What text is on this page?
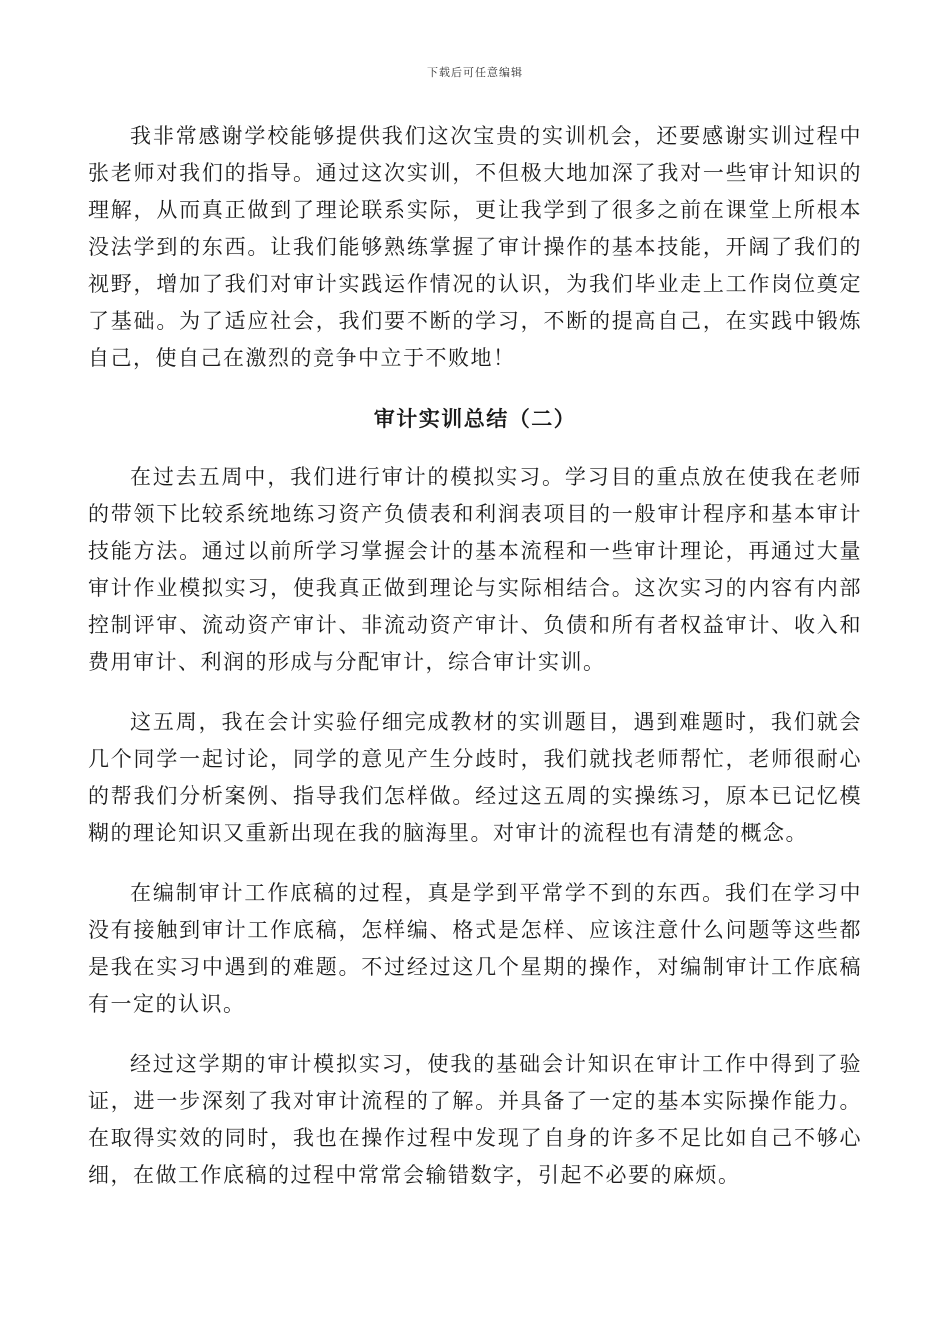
下载后可任意编辑

我非常感谢学校能够提供我们这次宝贵的实训机会，还要感谢实训过程中张老师对我们的指导。通过这次实训，不但极大地加深了我对一些审计知识的理解，从而真正做到了理论联系实际，更让我学到了很多之前在课堂上所根本没法学到的东西。让我们能够熟练掌握了审计操作的基本技能，开阔了我们的视野，增加了我们对审计实践运作情况的认识，为我们毕业走上工作岗位奠定了基础。为了适应社会，我们要不断的学习，不断的提高自己，在实践中锻炼自己，使自己在激烈的竞争中立于不败地！

审计实训总结（二）

在过去五周中，我们进行审计的模拟实习。学习目的重点放在使我在老师的带领下比较系统地练习资产负债表和利润表项目的一般审计程序和基本审计技能方法。通过以前所学习掌握会计的基本流程和一些审计理论，再通过大量审计作业模拟实习，使我真正做到理论与实际相结合。这次实习的内容有内部控制评审、流动资产审计、非流动资产审计、负债和所有者权益审计、收入和费用审计、利润的形成与分配审计，综合审计实训。

这五周，我在会计实验仔细完成教材的实训题目，遇到难题时，我们就会几个同学一起讨论，同学的意见产生分歧时，我们就找老师帮忙，老师很耐心的帮我们分析案例、指导我们怎样做。经过这五周的实操练习，原本已记忆模糊的理论知识又重新出现在我的脑海里。对审计的流程也有清楚的概念。

在编制审计工作底稿的过程，真是学到平常学不到的东西。我们在学习中没有接触到审计工作底稿，怎样编、格式是怎样、应该注意什么问题等这些都是我在实习中遇到的难题。不过经过这几个星期的操作，对编制审计工作底稿有一定的认识。

经过这学期的审计模拟实习，使我的基础会计知识在审计工作中得到了验证，进一步深刻了我对审计流程的了解。并具备了一定的基本实际操作能力。在取得实效的同时，我也在操作过程中发现了自身的许多不足比如自己不够心细，在做工作底稿的过程中常常会输错数字，引起不必要的麻烦。
